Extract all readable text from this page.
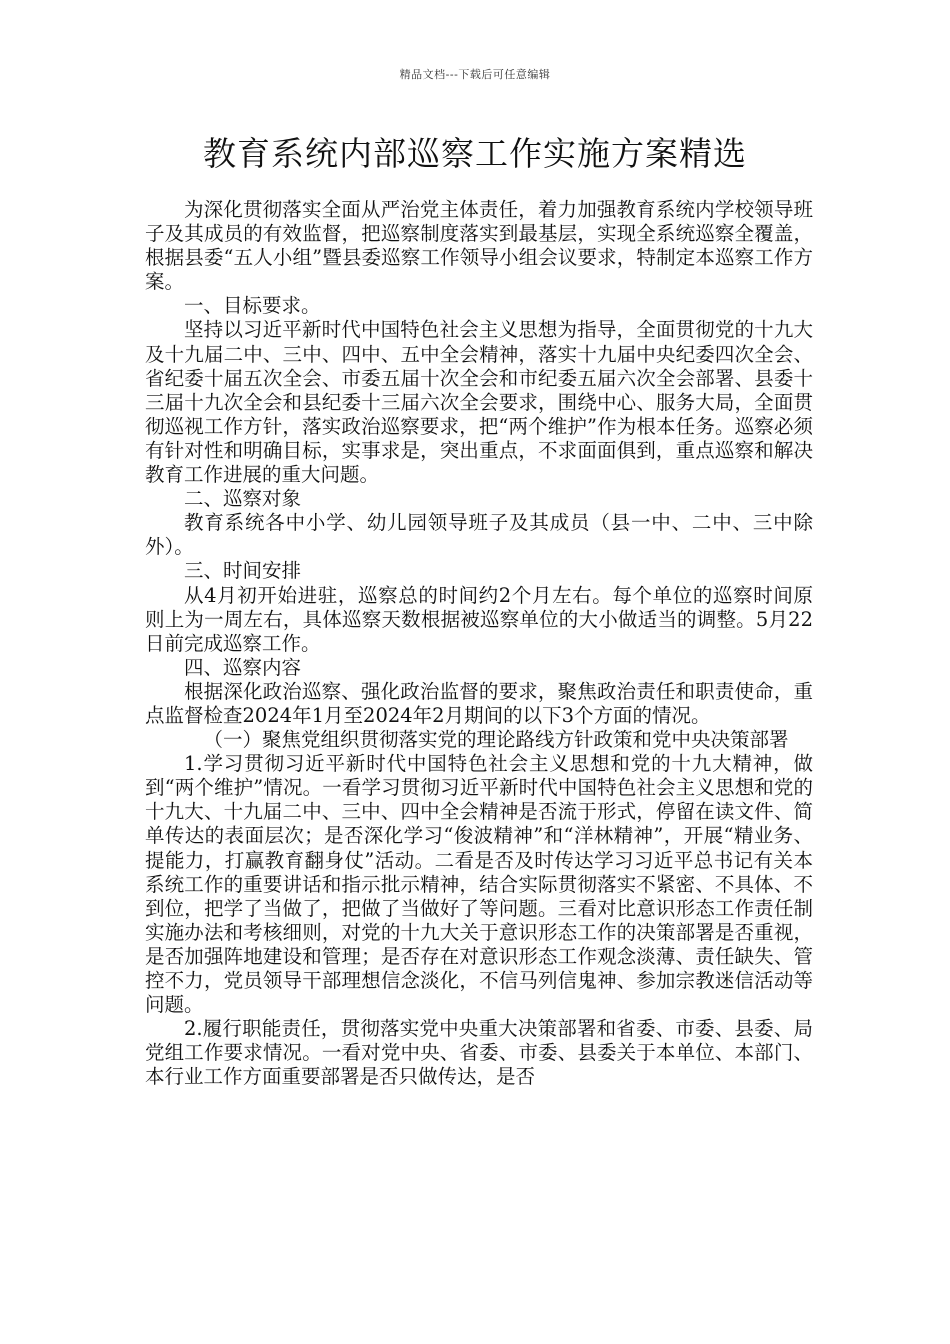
精品文档---下载后可任意编辑
教育系统内部巡察工作实施方案精选

为深化贯彻落实全面从严治党主体责任，着力加强教育系统内学校领导班子及其成员的有效监督，把巡察制度落实到最基层，实现全系统巡察全覆盖，根据县委“五人小组”暨县委巡察工作领导小组会议要求，特制定本巡察工作方案。

一、目标要求。

坚持以习近平新时代中国特色社会主义思想为指导，全面贯彻党的十九大及十九届二中、三中、四中、五中全会精神，落实十九届中央纪委四次全会、省纪委十届五次全会、市委五届十次全会和市纪委五届六次全会部署、县委十三届十九次全会和县纪委十三届六次全会要求，围绕中心、服务大局，全面贯彻巡视工作方针，落实政治巡察要求，把“两个维护”作为根本任务。巡察必须有针对性和明确目标，实事求是，突出重点，不求面面俱到，重点巡察和解决教育工作进展的重大问题。

二、巡察对象

教育系统各中小学、幼儿园领导班子及其成员（县一中、二中、三中除外）。

三、时间安排

从4月初开始进驻，巡察总的时间约2个月左右。每个单位的巡察时间原则上为一周左右，具体巡察天数根据被巡察单位的大小做适当的调整。5月22日前完成巡察工作。

四、巡察内容

根据深化政治巡察、强化政治监督的要求，聚焦政治责任和职责使命，重点监督检查2024年1月至2024年2月期间的以下3个方面的情况。

（一）聚焦党组织贯彻落实党的理论路线方针政策和党中央决策部署

1.学习贯彻习近平新时代中国特色社会主义思想和党的十九大精神，做到“两个维护”情况。一看学习贯彻习近平新时代中国特色社会主义思想和党的十九大、十九届二中、三中、四中全会精神是否流于形式，停留在读文件、简单传达的表面层次；是否深化学习“俊波精神”和“洋林精神”，开展“精业务、提能力，打赢教育翻身仗”活动。二看是否及时传达学习习近平总书记有关本系统工作的重要讲话和指示批示精神，结合实际贯彻落实不紧密、不具体、不到位，把学了当做了，把做了当做好了等问题。三看对比意识形态工作责任制实施办法和考核细则，对党的十九大关于意识形态工作的决策部署是否重视，是否加强阵地建设和管理；是否存在对意识形态工作观念淡薄、责任缺失、管控不力，党员领导干部理想信念淡化，不信马列信鬼神、参加宗教迷信活动等问题。

2.履行职能责任，贯彻落实党中央重大决策部署和省委、市委、县委、局党组工作要求情况。一看对党中央、省委、市委、县委关于本单位、本部门、本行业工作方面重要部署是否只做传达，是否
